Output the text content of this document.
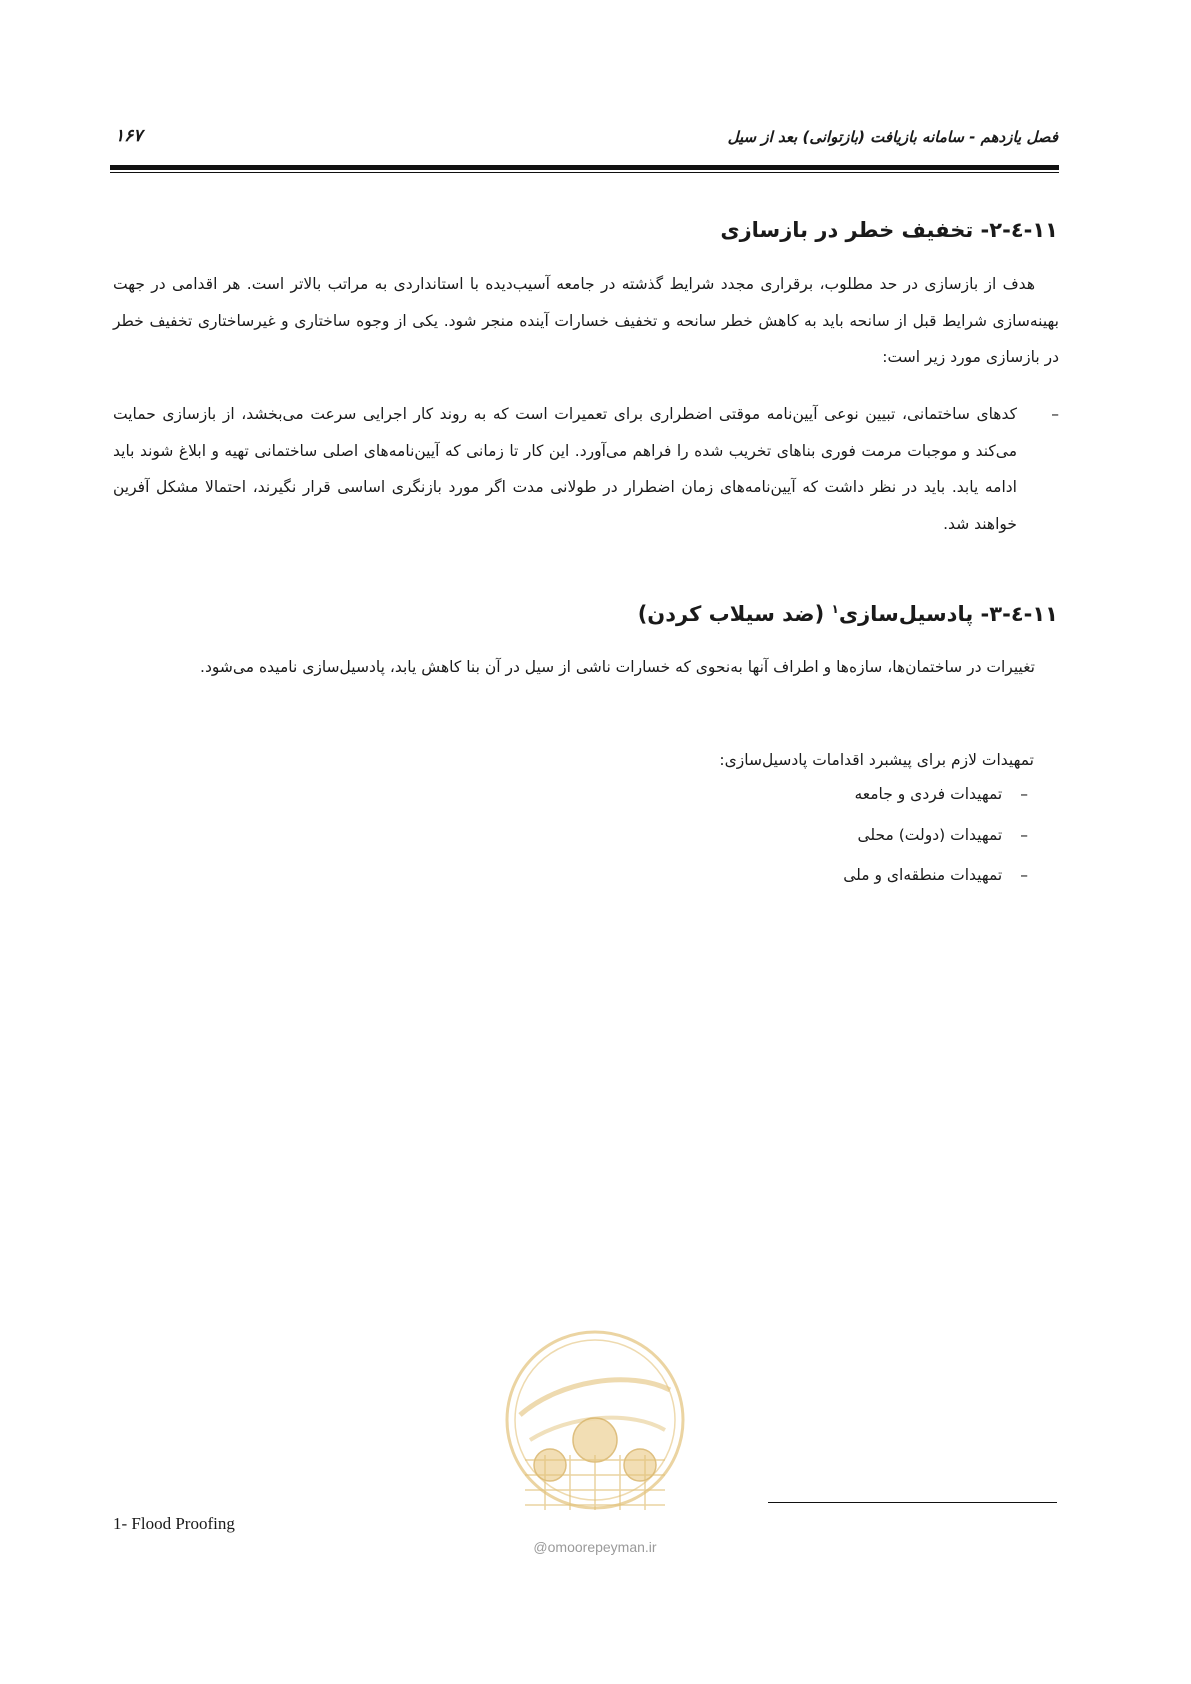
فصل یازدهم - سامانه بازیافت (بازتوانی) بعد از سیل
۱۶۷
۱۱-٤-۲- تخفیف خطر در بازسازی
هدف از بازسازی در حد مطلوب، برقراری مجدد شرایط گذشته در جامعه آسیب‌دیده با استانداردی به مراتب بالاتر است. هر اقدامی در جهت بهینه‌سازی شرایط قبل از سانحه باید به کاهش خطر سانحه و تخفیف خسارات آینده منجر شود. یکی از وجوه ساختاری و غیرساختاری تخفیف خطر در بازسازی مورد زیر است:
–
کدهای ساختمانی، تبیین نوعی آیین‌نامه موقتی اضطراری برای تعمیرات است که به روند کار اجرایی سرعت می‌بخشد، از بازسازی حمایت می‌کند و موجبات مرمت فوری بناهای تخریب شده را فراهم می‌آورد. این کار تا زمانی که آیین‌نامه‌های اصلی ساختمانی تهیه و ابلاغ شوند باید ادامه یابد. باید در نظر داشت که آیین‌نامه‌های زمان اضطرار در طولانی مدت اگر مورد بازنگری اساسی قرار نگیرند، احتمالا مشکل آفرین خواهند شد.
۱۱-٤-۳- پادسیل‌سازی$^۱$ (ضد سیلاب کردن)
تغییرات در ساختمان‌ها، سازه‌ها و اطراف آنها به‌نحوی که خسارات ناشی از سیل در آن بنا کاهش یابد، پادسیل‌سازی نامیده می‌شود.
تمهیدات لازم برای پیشبرد اقدامات پادسیل‌سازی:
–تمهیدات فردی و جامعه
–تمهیدات (دولت) محلی
–تمهیدات منطقه‌ای و ملی
@omoorepeyman.ir
1- Flood Proofing
